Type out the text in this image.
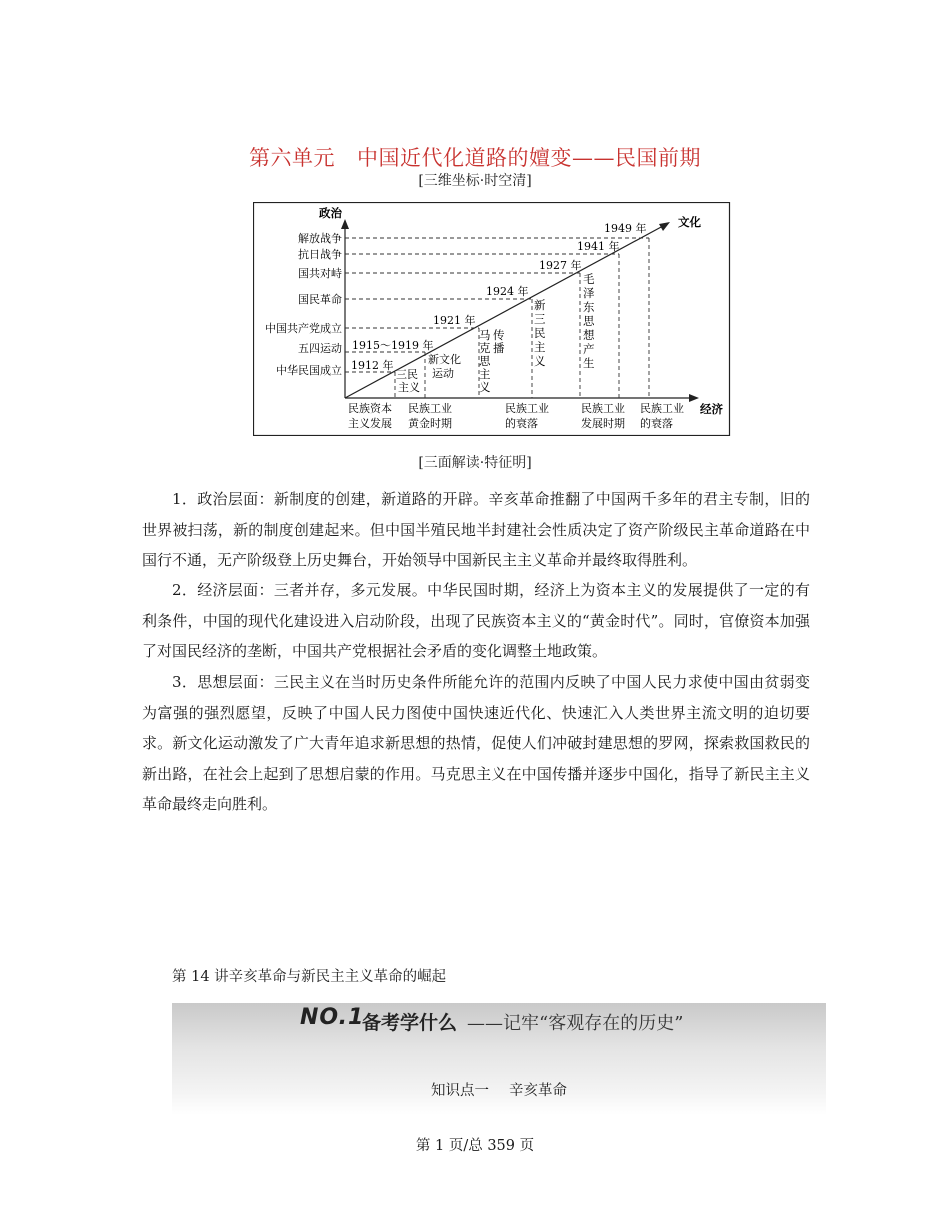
第六单元 中国近代化道路的嬗变——民国前期
[三维坐标·时空清]
政治
经济
文化
解放战争
抗日战争
国共对峙
国民革命
中国共产党成立
五四运动
中华民国成立 1912 年
1915～1919 年
1921 年
1924 年
1927 年
1941 年
1949 年
三民主义
新文化运动
马克思主义
传播
新三民主义
毛泽东思想产生
民族资本主义发展
民族工业黄金时期
民族工业的衰落
民族工业发展时期
民族工业的衰落
[三面解读·特征明]

1．政治层面：新制度的创建，新道路的开辟。辛亥革命推翻了中国两千多年的君主专制，旧的世界被扫荡，新的制度创建起来。但中国半殖民地半封建社会性质决定了资产阶级民主革命道路在中国行不通，无产阶级登上历史舞台，开始领导中国新民主主义革命并最终取得胜利。

2．经济层面：三者并存，多元发展。中华民国时期，经济上为资本主义的发展提供了一定的有利条件，中国的现代化建设进入启动阶段，出现了民族资本主义的“黄金时代”。同时，官僚资本加强了对国民经济的垄断，中国共产党根据社会矛盾的变化调整土地政策。

3．思想层面：三民主义在当时历史条件所能允许的范围内反映了中国人民力求使中国由贫弱变为富强的强烈愿望，反映了中国人民力图使中国快速近代化、快速汇入人类世界主流文明的迫切要求。新文化运动激发了广大青年追求新思想的热情，促使人们冲破封建思想的罗网，探索救国救民的新出路，在社会上起到了思想启蒙的作用。马克思主义在中国传播并逐步中国化，指导了新民主主义革命最终走向胜利。

第 14 讲辛亥革命与新民主主义革命的崛起
NO.1
备考学什么 ——记牢“客观存在的历史”
知识点一 辛亥革命
第 1 页/总 359 页
